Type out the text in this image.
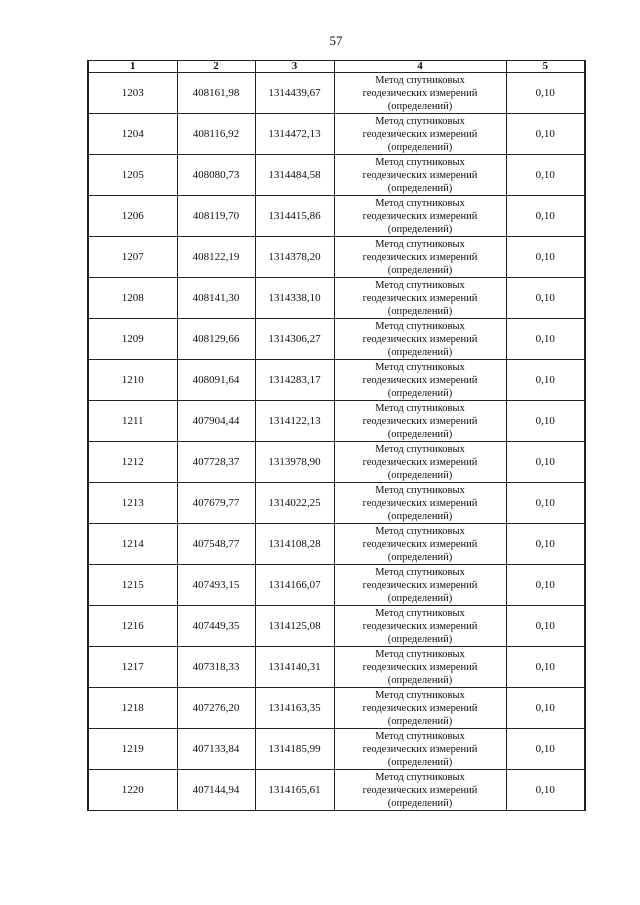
57
1	2	3	4	5
1203	408161,98	1314439,67	Метод спутниковых
геодезических измерений
(определений)	0,10
1204	408116,92	1314472,13	Метод спутниковых
геодезических измерений
(определений)	0,10
1205	408080,73	1314484,58	Метод спутниковых
геодезических измерений
(определений)	0,10
1206	408119,70	1314415,86	Метод спутниковых
геодезических измерений
(определений)	0,10
1207	408122,19	1314378,20	Метод спутниковых
геодезических измерений
(определений)	0,10
1208	408141,30	1314338,10	Метод спутниковых
геодезических измерений
(определений)	0,10
1209	408129,66	1314306,27	Метод спутниковых
геодезических измерений
(определений)	0,10
1210	408091,64	1314283,17	Метод спутниковых
геодезических измерений
(определений)	0,10
1211	407904,44	1314122,13	Метод спутниковых
геодезических измерений
(определений)	0,10
1212	407728,37	1313978,90	Метод спутниковых
геодезических измерений
(определений)	0,10
1213	407679,77	1314022,25	Метод спутниковых
геодезических измерений
(определений)	0,10
1214	407548,77	1314108,28	Метод спутниковых
геодезических измерений
(определений)	0,10
1215	407493,15	1314166,07	Метод спутниковых
геодезических измерений
(определений)	0,10
1216	407449,35	1314125,08	Метод спутниковых
геодезических измерений
(определений)	0,10
1217	407318,33	1314140,31	Метод спутниковых
геодезических измерений
(определений)	0,10
1218	407276,20	1314163,35	Метод спутниковых
геодезических измерений
(определений)	0,10
1219	407133,84	1314185,99	Метод спутниковых
геодезических измерений
(определений)	0,10
1220	407144,94	1314165,61	Метод спутниковых
геодезических измерений
(определений)	0,10
